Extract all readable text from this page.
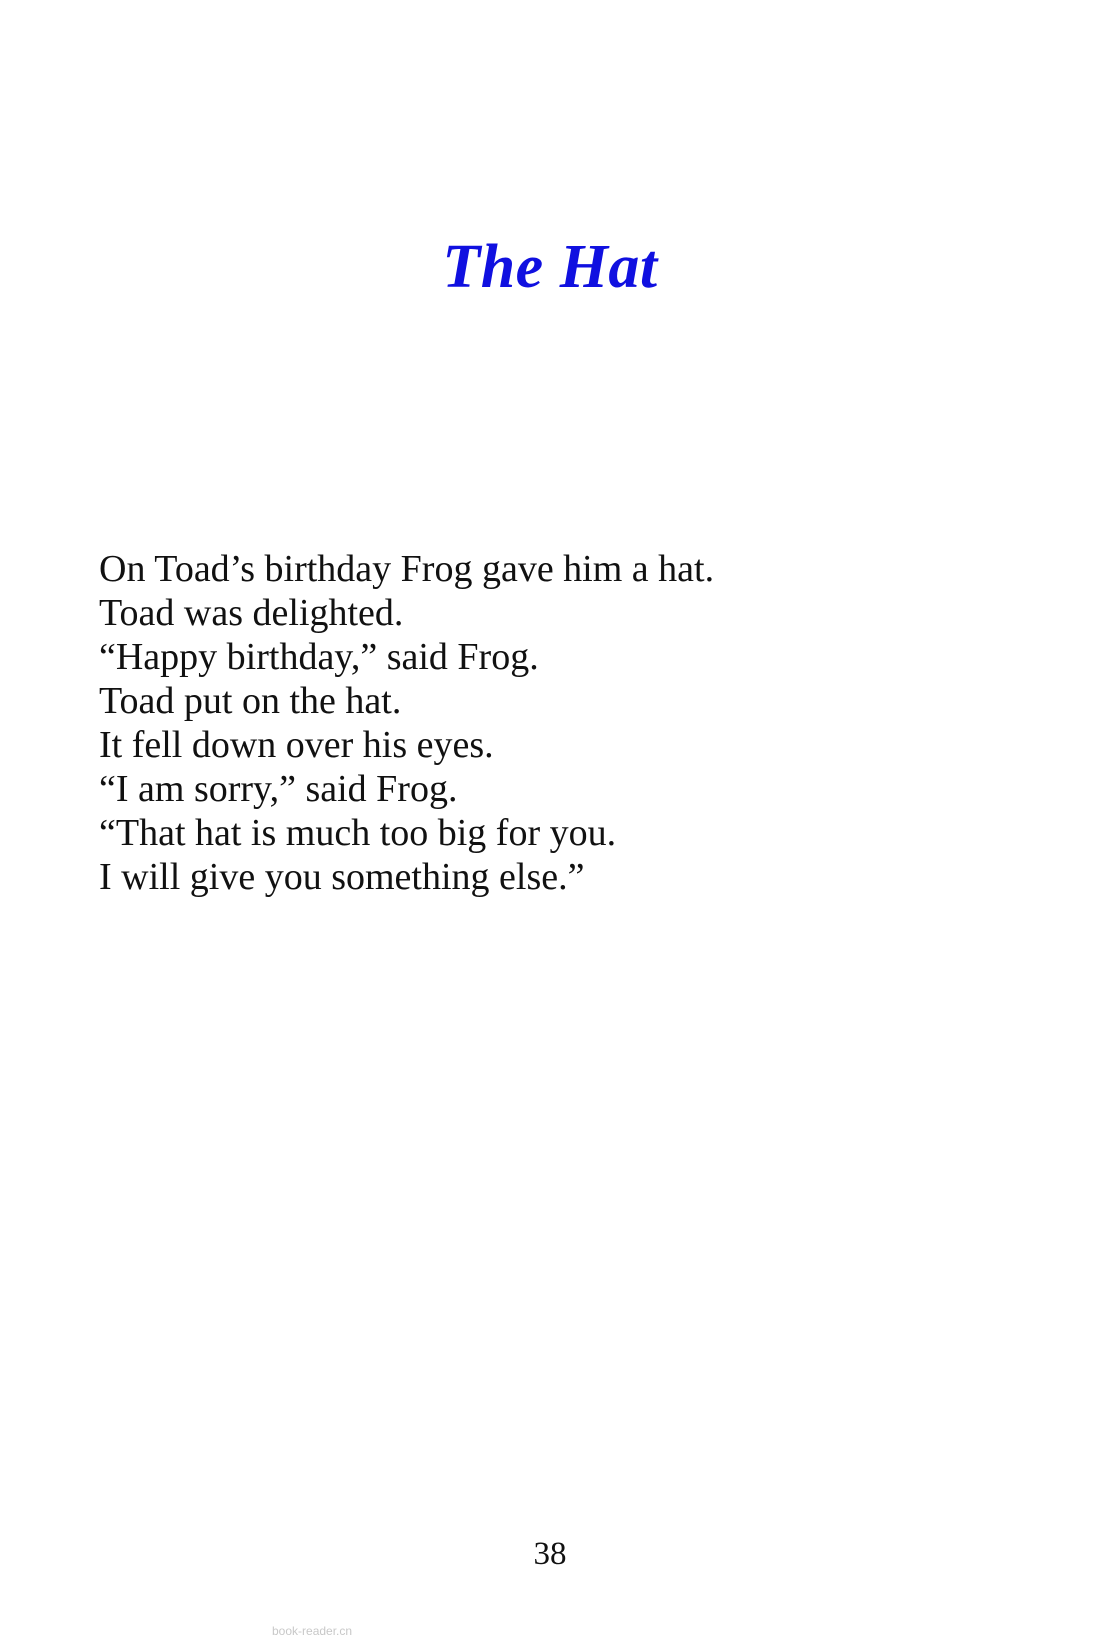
The Hat
On Toad’s birthday Frog gave him a hat.
Toad was delighted.
“Happy birthday,” said Frog.
Toad put on the hat.
It fell down over his eyes.
“I am sorry,” said Frog.
“That hat is much too big for you.
I will give you something else.”
38
book-reader.cn
